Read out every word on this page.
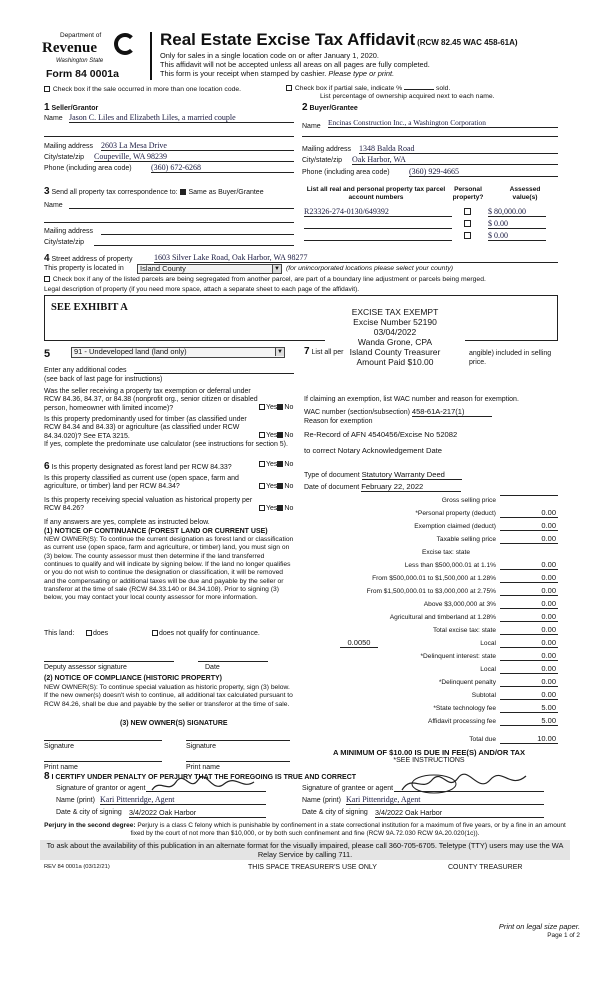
Department of
Revenue
Washington State
Form 84 0001a
Real Estate Excise Tax Affidavit (RCW 82.45 WAC 458-61A)
Only for sales in a single location code on or after January 1, 2020.
This affidavit will not be accepted unless all areas on all pages are fully completed.
This form is your receipt when stamped by cashier. Please type or print.
Check box if the sale occurred in more than one location code.	Check box if partial sale, indicate %	sold.
List percentage of ownership acquired next to each name.
1 Seller/Grantor
Name Jason C. Liles and Elizabeth Liles, a married couple
Mailing address 2603 La Mesa Drive
City/state/zip Coupeville, WA 98239
Phone (including area code) (360) 672-6268
2 Buyer/Grantee
Name Encinas Construction Inc., a Washington Corporation
Mailing address 1348 Balda Road
City/state/zip Oak Harbor, WA
Phone (including area code) (360) 929-4665
3 Send all property tax correspondence to: Same as Buyer/Grantee
Name
Mailing address
City/state/zip
List all real and personal property tax parcel account numbers
Personal property?
Assessed value(s)
R23326-274-0130/649392	$ 80,000.00
$ 0.00
$ 0.00
4 Street address of property	1603 Silver Lake Road, Oak Harbor, WA 98277
This property is located in	Island County	▼ (for unincorporated locations please select your county)
Check box if any of the listed parcels are being segregated from another parcel, are part of a boundary line adjustment or parcels being merged.
Legal description of property (if you need more space, attach a separate sheet to each page of the affidavit).
SEE EXHIBIT A	EXCISE TAX EXEMPT
Excise Number 52190
03/04/2022
Wanda Grone, CPA
Island County Treasurer
Amount Paid $10.00
5	91 - Undeveloped land (land only)	▼
Enter any additional codes
(see back of last page for instructions)
Was the seller receiving a property tax exemption or deferral under RCW 84.36, 84.37, or 84.38 (nonprofit org., senior citizen or disabled person, homeowner with limited income)?	Yes No
Is this property predominantly used for timber (as classified under RCW 84.34 and 84.33) or agriculture (as classified under RCW 84.34.020)? See ETA 3215.	Yes No
If yes, complete the predominate use calculator (see instructions for section 5).
6 Is this property designated as forest land per RCW 84.33?	Yes No
Is this property classified as current use (open space, farm and agriculture, or timber) land per RCW 84.34?	Yes No
Is this property receiving special valuation as historical property per RCW 84.26?	Yes No
If any answers are yes, complete as instructed below.
(1) NOTICE OF CONTINUANCE (FOREST LAND OR CURRENT USE)
NEW OWNER(S): To continue the current designation as forest land or classification as current use (open space, farm and agriculture, or timber) land, you must sign on (3) below. The county assessor must then determine if the land transferred continues to qualify and will indicate by signing below. If the land no longer qualifies or you do not wish to continue the designation or classification, it will be removed and the compensating or additional taxes will be due and payable by the seller or transferor at the time of sale (RCW 84.33.140 or 84.34.108). Prior to signing (3) below, you may contact your local county assessor for more information.
This land:	does	does not qualify for continuance.
Deputy assessor signature	Date
(2) NOTICE OF COMPLIANCE (HISTORIC PROPERTY)
NEW OWNER(S): To continue special valuation as historic property, sign (3) below. If the new owner(s) doesn't wish to continue, all additional tax calculated pursuant to RCW 84.26, shall be due and payable by the seller or transferor at the time of sale.
(3) NEW OWNER(S) SIGNATURE
Signature	Signature
Print name	Print name
7 List all per	angible) included in selling price.
If claiming an exemption, list WAC number and reason for exemption.
WAC number (section/subsection) 458-61A-217(1)
Reason for exemption
Re-Record of AFN 4540456/Excise No 52082
to correct Notary Acknowledgement Date
Type of document Statutory Warranty Deed
Date of document February 22, 2022
Gross selling price
*Personal property (deduct)	0.00
Exemption claimed (deduct)	0.00
Taxable selling price	0.00
Excise tax: state
Less than $500,000.01 at 1.1%	0.00
From $500,000.01 to $1,500,000 at 1.28%	0.00
From $1,500,000.01 to $3,000,000 at 2.75%	0.00
Above $3,000,000 at 3%	0.00
Agricultural and timberland at 1.28%	0.00
Total excise tax: state	0.00
0.0050	Local	0.00
*Delinquent interest: state	0.00
Local	0.00
*Delinquent penalty	0.00
Subtotal	0.00
*State technology fee	5.00
Affidavit processing fee	5.00
Total due	10.00
A MINIMUM OF $10.00 IS DUE IN FEE(S) AND/OR TAX
*SEE INSTRUCTIONS
8 I CERTIFY UNDER PENALTY OF PERJURY THAT THE FOREGOING IS TRUE AND CORRECT
Signature of grantor or agent
Name (print) Kari Pittenridge, Agent
Date & city of signing 3/4/2022 Oak Harbor
Signature of grantee or agent
Name (print) Kari Pittenridge, Agent
Date & city of signing 3/4/2022 Oak Harbor
Perjury in the second degree: Perjury is a class C felony which is punishable by confinement in a state correctional institution for a maximum of five years, or by a fine in an amount fixed by the court of not more than $10,000, or by both such confinement and fine (RCW 9A.72.030 RCW 9A.20.020(1c)).
To ask about the availability of this publication in an alternate format for the visually impaired, please call 360-705-6705. Teletype (TTY) users may use the WA Relay Service by calling 711.
REV 84 0001a (03/12/21)	THIS SPACE TREASURER'S USE ONLY	COUNTY TREASURER
Print on legal size paper.
Page 1 of 2
